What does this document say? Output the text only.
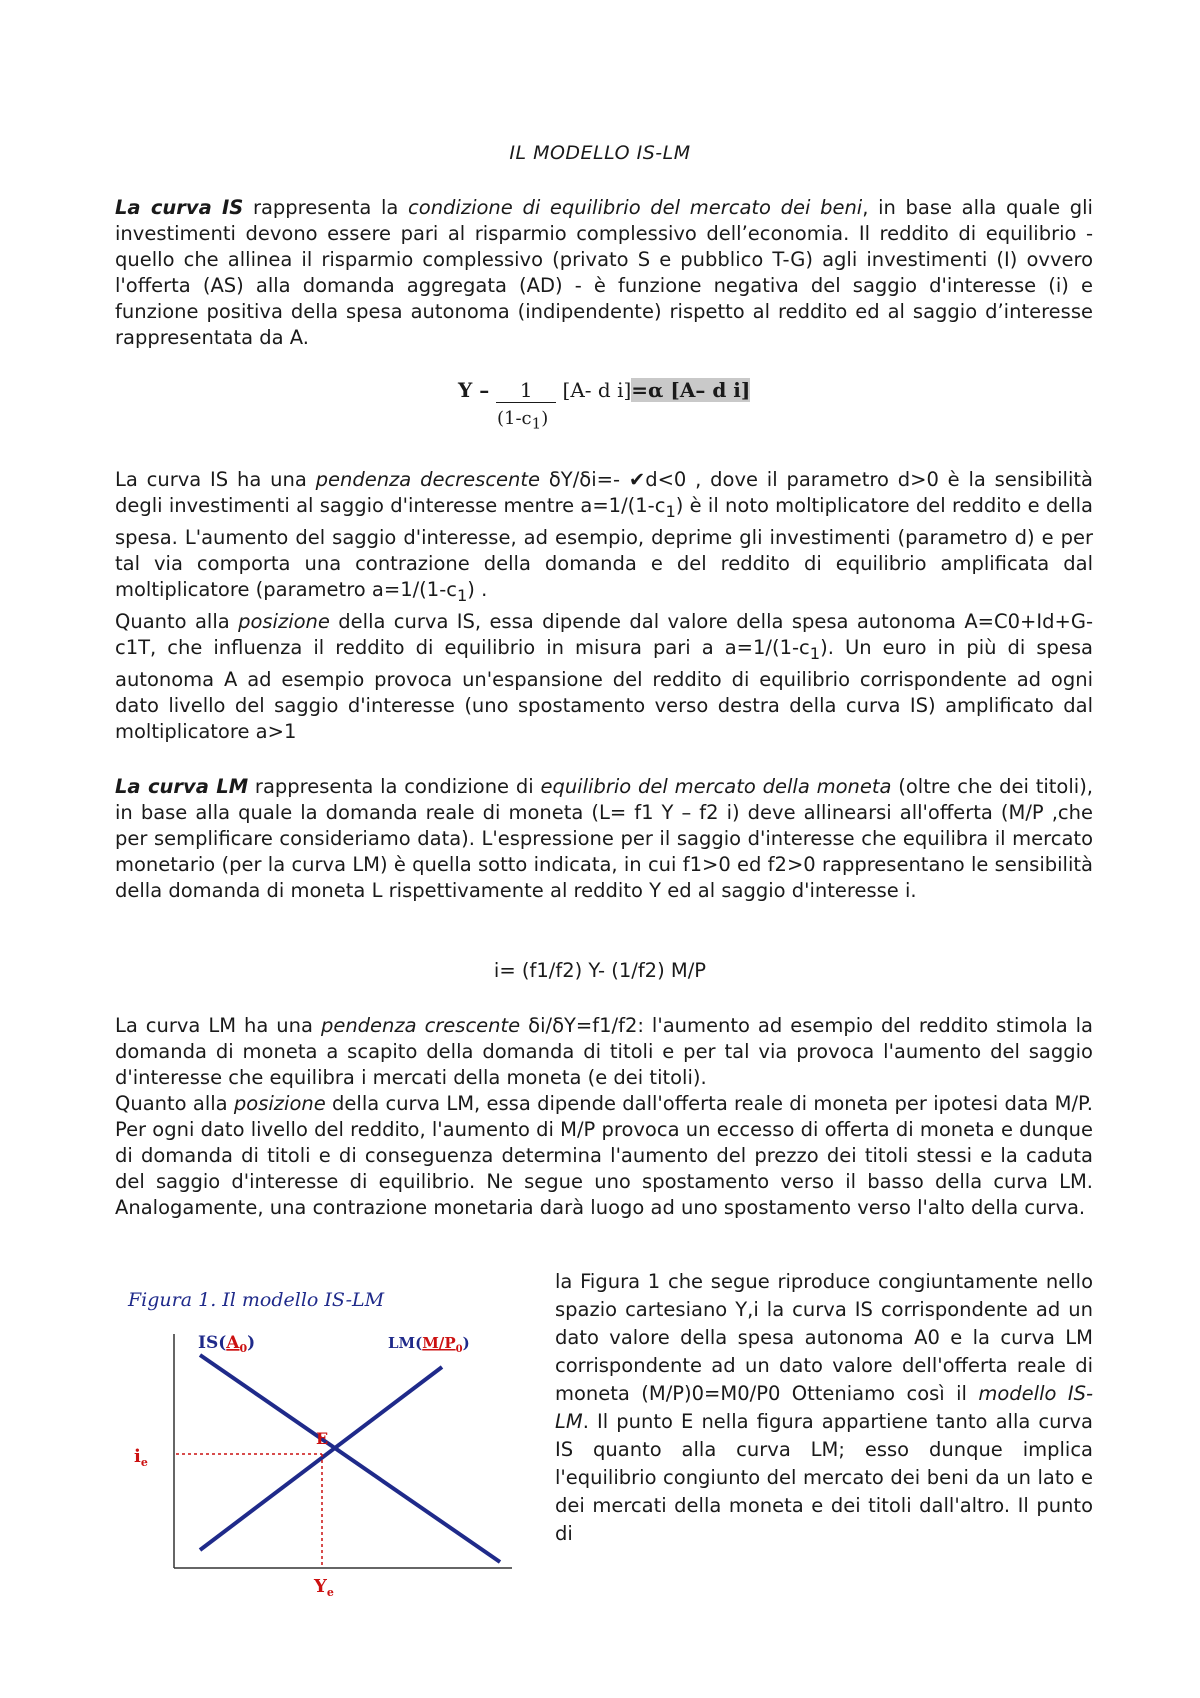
IL MODELLO IS-LM

La curva IS rappresenta la condizione di equilibrio del mercato dei beni, in base alla quale gli investimenti devono essere pari al risparmio complessivo dell’economia. Il reddito di equilibrio - quello che allinea il risparmio complessivo (privato S e pubblico T-G) agli investimenti (I) ovvero l'offerta (AS) alla domanda aggregata (AD) - è funzione negativa del saggio d'interesse (i) e funzione positiva della spesa autonoma (indipendente) rispetto al reddito ed al saggio d’interesse rappresentata da A.

Y – 1 [A- d i]=α [A– d i]
$(1-c_1)$

La curva IS ha una pendenza decrescente δY/δi=- ✔d<0 , dove il parametro d>0 è la sensibilità degli investimenti al saggio d'interesse mentre $a=1/(1-c_1)$ è il noto moltiplicatore del reddito e della spesa. L'aumento del saggio d'interesse, ad esempio, deprime gli investimenti (parametro d) e per tal via comporta una contrazione della domanda e del reddito di equilibrio amplificata dal moltiplicatore (parametro $a=1/(1-c_1)$ .

Quanto alla posizione della curva IS, essa dipende dal valore della spesa autonoma A=C0+Id+G-c1T, che influenza il reddito di equilibrio in misura pari a $a=1/(1-c_1)$. Un euro in più di spesa autonoma A ad esempio provoca un'espansione del reddito di equilibrio corrispondente ad ogni dato livello del saggio d'interesse (uno spostamento verso destra della curva IS) amplificato dal moltiplicatore a>1

La curva LM rappresenta la condizione di equilibrio del mercato della moneta (oltre che dei titoli), in base alla quale la domanda reale di moneta (L= f1 Y – f2 i) deve allinearsi all'offerta (M/P ,che per semplificare consideriamo data). L'espressione per il saggio d'interesse che equilibra il mercato monetario (per la curva LM) è quella sotto indicata, in cui f1>0 ed f2>0 rappresentano le sensibilità della domanda di moneta L rispettivamente al reddito Y ed al saggio d'interesse i.

i= (f1/f2) Y- (1/f2) M/P

La curva LM ha una pendenza crescente δi/δY=f1/f2: l'aumento ad esempio del reddito stimola la domanda di moneta a scapito della domanda di titoli e per tal via provoca l'aumento del saggio d'interesse che equilibra i mercati della moneta (e dei titoli).

Quanto alla posizione della curva LM, essa dipende dall'offerta reale di moneta per ipotesi data M/P. Per ogni dato livello del reddito, l'aumento di M/P provoca un eccesso di offerta di moneta e dunque di domanda di titoli e di conseguenza determina l'aumento del prezzo dei titoli stessi e la caduta del saggio d'interesse di equilibrio. Ne segue uno spostamento verso il basso della curva LM. Analogamente, una contrazione monetaria darà luogo ad uno spostamento verso l'alto della curva.

Figura 1. Il modello IS-LM
$IS(A_0)$	$LM(M/P_0)$
E
$i_e$
$Y_e$

la Figura 1 che segue riproduce congiuntamente nello spazio cartesiano Y,i la curva IS corrispondente ad un dato valore della spesa autonoma A0 e la curva LM corrispondente ad un dato valore dell'offerta reale di moneta (M/P)0=M0/P0 Otteniamo così il modello IS-LM. Il punto E nella figura appartiene tanto alla curva IS quanto alla curva LM; esso dunque implica l'equilibrio congiunto del mercato dei beni da un lato e dei mercati della moneta e dei titoli dall'altro. Il punto di
